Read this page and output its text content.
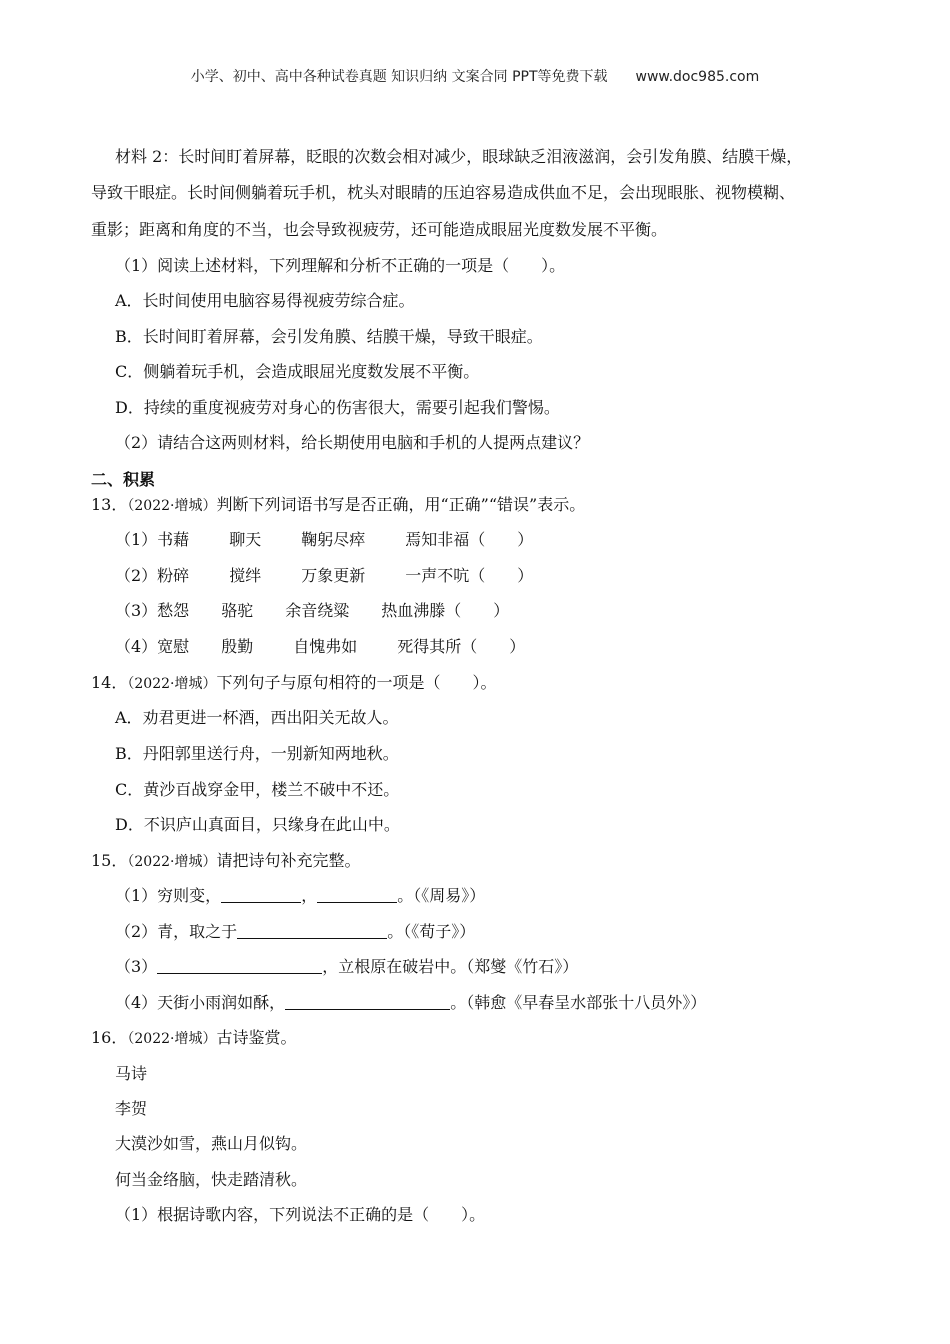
小学、初中、高中各种试卷真题 知识归纳 文案合同 PPT等免费下载 www.doc985.com
材料 2：长时间盯着屏幕，眨眼的次数会相对减少，眼球缺乏泪液滋润，会引发角膜、结膜干燥，
导致干眼症。长时间侧躺着玩手机，枕头对眼睛的压迫容易造成供血不足，会出现眼胀、视物模糊、
重影；距离和角度的不当，也会导致视疲劳，还可能造成眼屈光度数发展不平衡。
（1）阅读上述材料，下列理解和分析不正确的一项是（　　）。
A．长时间使用电脑容易得视疲劳综合症。
B．长时间盯着屏幕，会引发角膜、结膜干燥，导致干眼症。
C．侧躺着玩手机，会造成眼屈光度数发展不平衡。
D．持续的重度视疲劳对身心的伤害很大，需要引起我们警惕。
（2）请结合这两则材料，给长期使用电脑和手机的人提两点建议？
二、积累
13．（2022·增城）判断下列词语书写是否正确，用“正确”“错误”表示。
（1）书藉	聊天	鞠躬尽瘁	焉知非福（　　）
（2）粉碎	搅绊	万象更新	一声不吭（　　）
（3）愁怨 骆驼 余音绕粱 热血沸滕（　　）
（4）宽慰 殷勤	自愧弗如	死得其所（　　）
14．（2022·增城）下列句子与原句相符的一项是（　　）。
A．劝君更进一杯酒，西出阳关无故人。
B．丹阳郭里送行舟，一别新知两地秋。
C．黄沙百战穿金甲，楼兰不破中不还。
D．不识庐山真面目，只缘身在此山中。
15．（2022·增城）请把诗句补充完整。
（1）穷则变，	，	。（《周易》）
（2）青，取之于	。（《荀子》）
（3）	，立根原在破岩中。（郑燮《竹石》）
（4）天街小雨润如酥，	。（韩愈《早春呈水部张十八员外》）
16．（2022·增城）古诗鉴赏。
马诗
李贺
大漠沙如雪，燕山月似钩。
何当金络脑，快走踏清秋。
（1）根据诗歌内容，下列说法不正确的是（　　）。
